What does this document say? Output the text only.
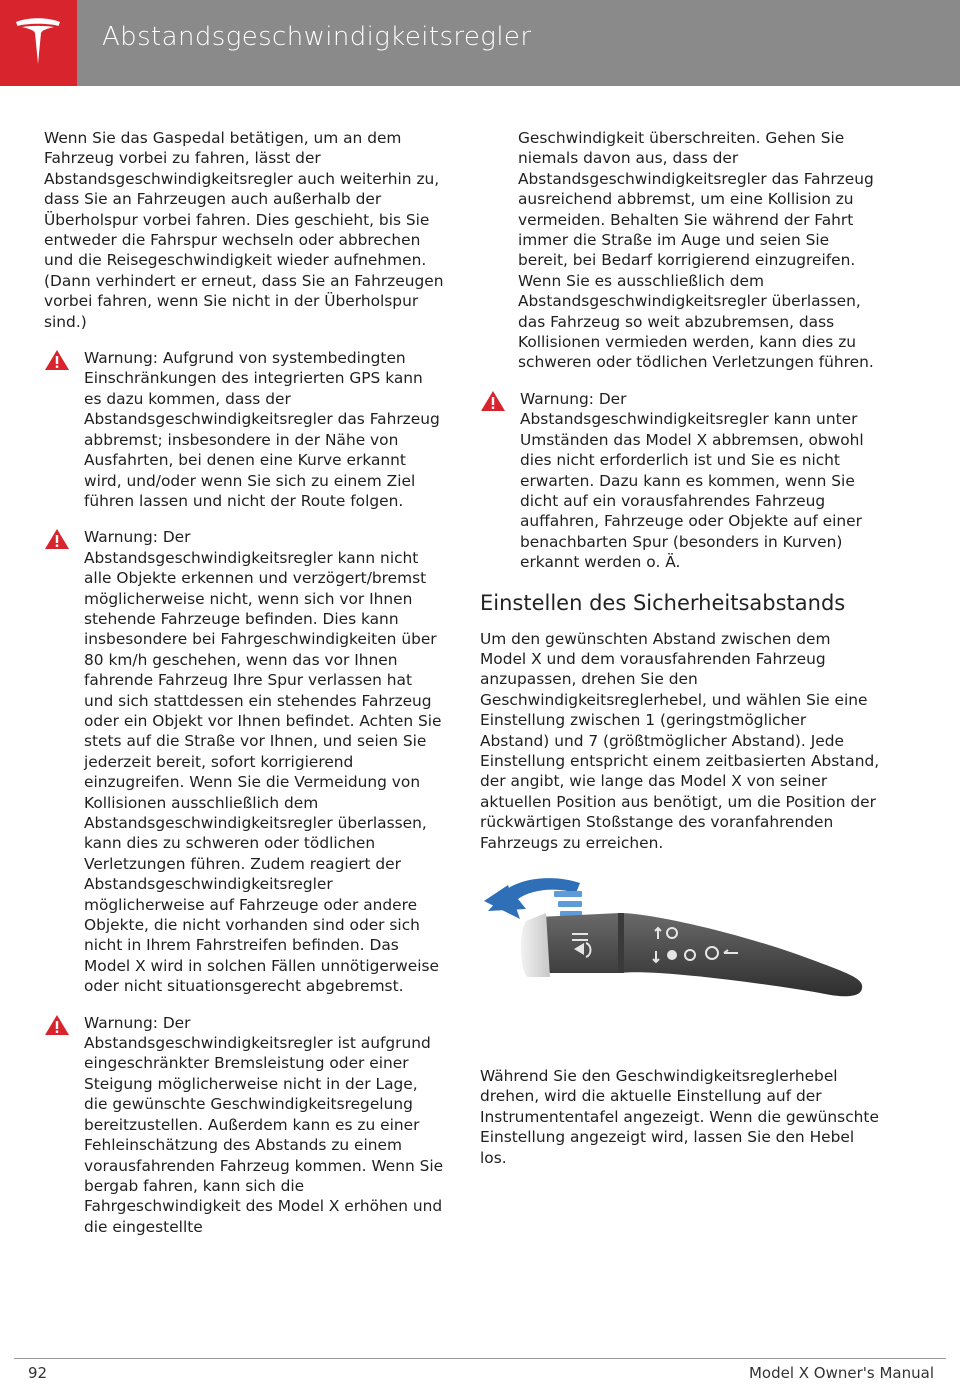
Abstandsgeschwindigkeitsregler

Wenn Sie das Gaspedal betätigen, um an dem Fahrzeug vorbei zu fahren, lässt der Abstandsgeschwindigkeitsregler auch weiterhin zu, dass Sie an Fahrzeugen auch außerhalb der Überholspur vorbei fahren. Dies geschieht, bis Sie entweder die Fahrspur wechseln oder abbrechen und die Reisegeschwindigkeit wieder aufnehmen. (Dann verhindert er erneut, dass Sie an Fahrzeugen vorbei fahren, wenn Sie nicht in der Überholspur sind.)

Warnung: Aufgrund von systembedingten Einschränkungen des integrierten GPS kann es dazu kommen, dass der Abstandsgeschwindigkeitsregler das Fahrzeug abbremst; insbesondere in der Nähe von Ausfahrten, bei denen eine Kurve erkannt wird, und/oder wenn Sie sich zu einem Ziel führen lassen und nicht der Route folgen.
Warnung: Der Abstandsgeschwindigkeitsregler kann nicht alle Objekte erkennen und verzögert/bremst möglicherweise nicht, wenn sich vor Ihnen stehende Fahrzeuge befinden. Dies kann insbesondere bei Fahrgeschwindigkeiten über 80 km/h geschehen, wenn das vor Ihnen fahrende Fahrzeug Ihre Spur verlassen hat und sich stattdessen ein stehendes Fahrzeug oder ein Objekt vor Ihnen befindet. Achten Sie stets auf die Straße vor Ihnen, und seien Sie jederzeit bereit, sofort korrigierend einzugreifen. Wenn Sie die Vermeidung von Kollisionen ausschließlich dem Abstandsgeschwindigkeitsregler überlassen, kann dies zu schweren oder tödlichen Verletzungen führen. Zudem reagiert der Abstandsgeschwindigkeitsregler möglicherweise auf Fahrzeuge oder andere Objekte, die nicht vorhanden sind oder sich nicht in Ihrem Fahrstreifen befinden. Das Model X wird in solchen Fällen unnötigerweise oder nicht situationsgerecht abgebremst.
Warnung: Der Abstandsgeschwindigkeitsregler ist aufgrund eingeschränkter Bremsleistung oder einer Steigung möglicherweise nicht in der Lage, die gewünschte Geschwindigkeitsregelung bereitzustellen. Außerdem kann es zu einer Fehleinschätzung des Abstands zu einem vorausfahrenden Fahrzeug kommen. Wenn Sie bergab fahren, kann sich die Fahrgeschwindigkeit des Model X erhöhen und die eingestellte

Geschwindigkeit überschreiten. Gehen Sie niemals davon aus, dass der Abstandsgeschwindigkeitsregler das Fahrzeug ausreichend abbremst, um eine Kollision zu vermeiden. Behalten Sie während der Fahrt immer die Straße im Auge und seien Sie bereit, bei Bedarf korrigierend einzugreifen. Wenn Sie es ausschließlich dem Abstandsgeschwindigkeitsregler überlassen, das Fahrzeug so weit abzubremsen, dass Kollisionen vermieden werden, kann dies zu schweren oder tödlichen Verletzungen führen.

Warnung: Der Abstandsgeschwindigkeitsregler kann unter Umständen das Model X abbremsen, obwohl dies nicht erforderlich ist und Sie es nicht erwarten. Dazu kann es kommen, wenn Sie dicht auf ein vorausfahrendes Fahrzeug auffahren, Fahrzeuge oder Objekte auf einer benachbarten Spur (besonders in Kurven) erkannt werden o. Ä.
Einstellen des Sicherheitsabstands

Um den gewünschten Abstand zwischen dem Model X und dem vorausfahrenden Fahrzeug anzupassen, drehen Sie den Geschwindigkeitsreglerhebel, und wählen Sie eine Einstellung zwischen 1 (geringstmöglicher Abstand) und 7 (größtmöglicher Abstand). Jede Einstellung entspricht einem zeitbasierten Abstand, der angibt, wie lange das Model X von seiner aktuellen Position aus benötigt, um die Position der rückwärtigen Stoßstange des voranfahrenden Fahrzeugs zu erreichen.

Während Sie den Geschwindigkeitsreglerhebel drehen, wird die aktuelle Einstellung auf der Instrumententafel angezeigt. Wenn die gewünschte Einstellung angezeigt wird, lassen Sie den Hebel los.

92	Model X Owner's Manual
